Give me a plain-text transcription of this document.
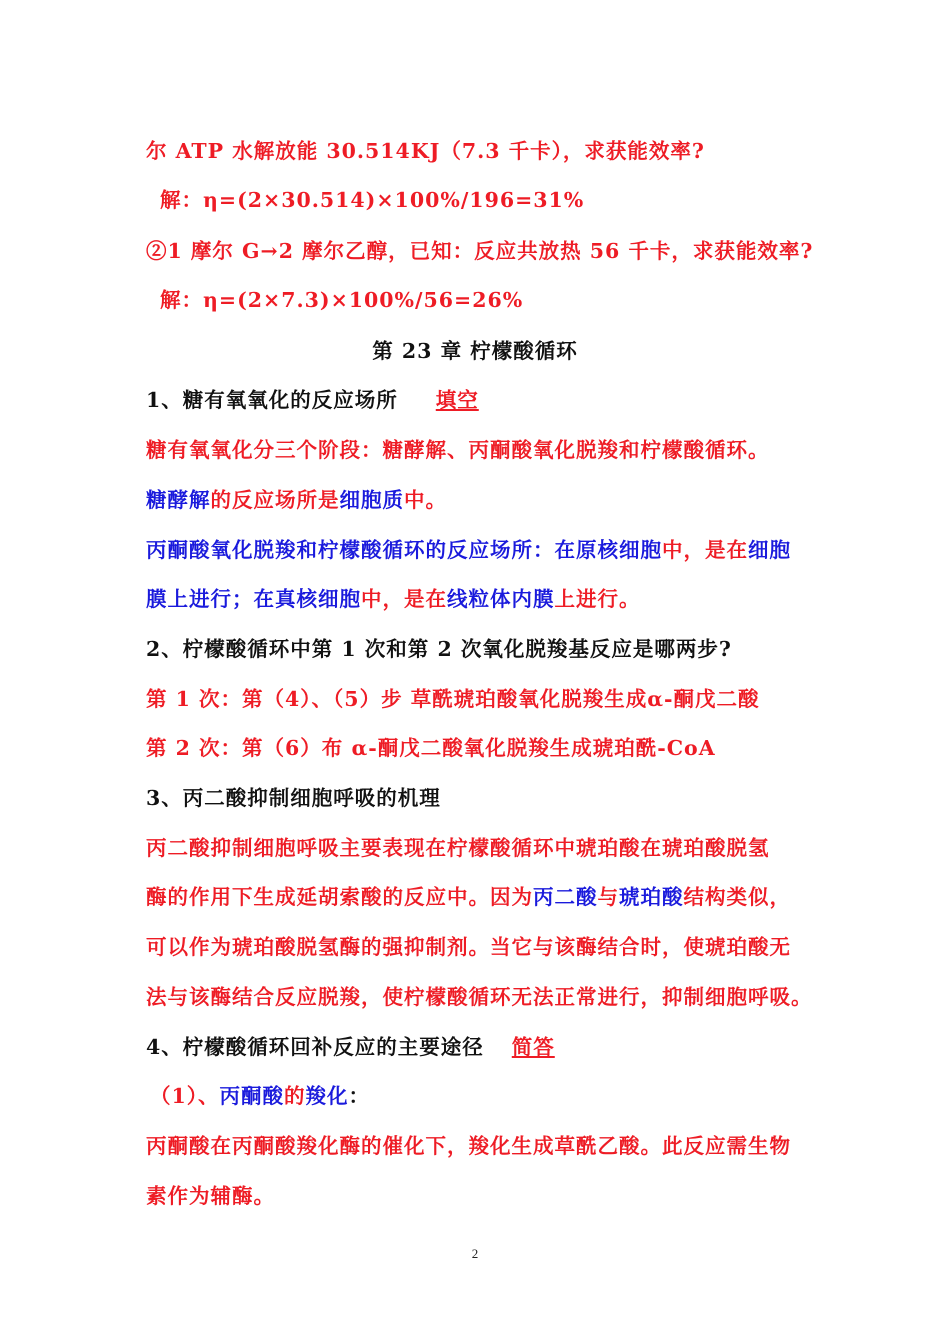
尔 ATP 水解放能 30.514KJ（7.3 千卡），求获能效率?
解：η=(2×30.514)×100%/196=31%
②1 摩尔 G→2 摩尔乙醇，已知：反应共放热 56 千卡，求获能效率?
解：η=(2×7.3)×100%/56=26%
第 23 章 柠檬酸循环
1、糖有氧氧化的反应场所 填空
糖有氧氧化分三个阶段：糖酵解、丙酮酸氧化脱羧和柠檬酸循环。
糖酵解的反应场所是细胞质中。
丙酮酸氧化脱羧和柠檬酸循环的反应场所：在原核细胞中，是在细胞
膜上进行；在真核细胞中，是在线粒体内膜上进行。
2、柠檬酸循环中第 1 次和第 2 次氧化脱羧基反应是哪两步?
第 1 次：第（4）、（5）步 草酰琥珀酸氧化脱羧生成α-酮戊二酸
第 2 次：第（6）布 α-酮戊二酸氧化脱羧生成琥珀酰-CoA
3、丙二酸抑制细胞呼吸的机理
丙二酸抑制细胞呼吸主要表现在柠檬酸循环中琥珀酸在琥珀酸脱氢
酶的作用下生成延胡索酸的反应中。因为丙二酸与琥珀酸结构类似，
可以作为琥珀酸脱氢酶的强抑制剂。当它与该酶结合时，使琥珀酸无
法与该酶结合反应脱羧，使柠檬酸循环无法正常进行，抑制细胞呼吸。
4、柠檬酸循环回补反应的主要途径 简答
（1）、丙酮酸的羧化：
丙酮酸在丙酮酸羧化酶的催化下，羧化生成草酰乙酸。此反应需生物
素作为辅酶。
2
